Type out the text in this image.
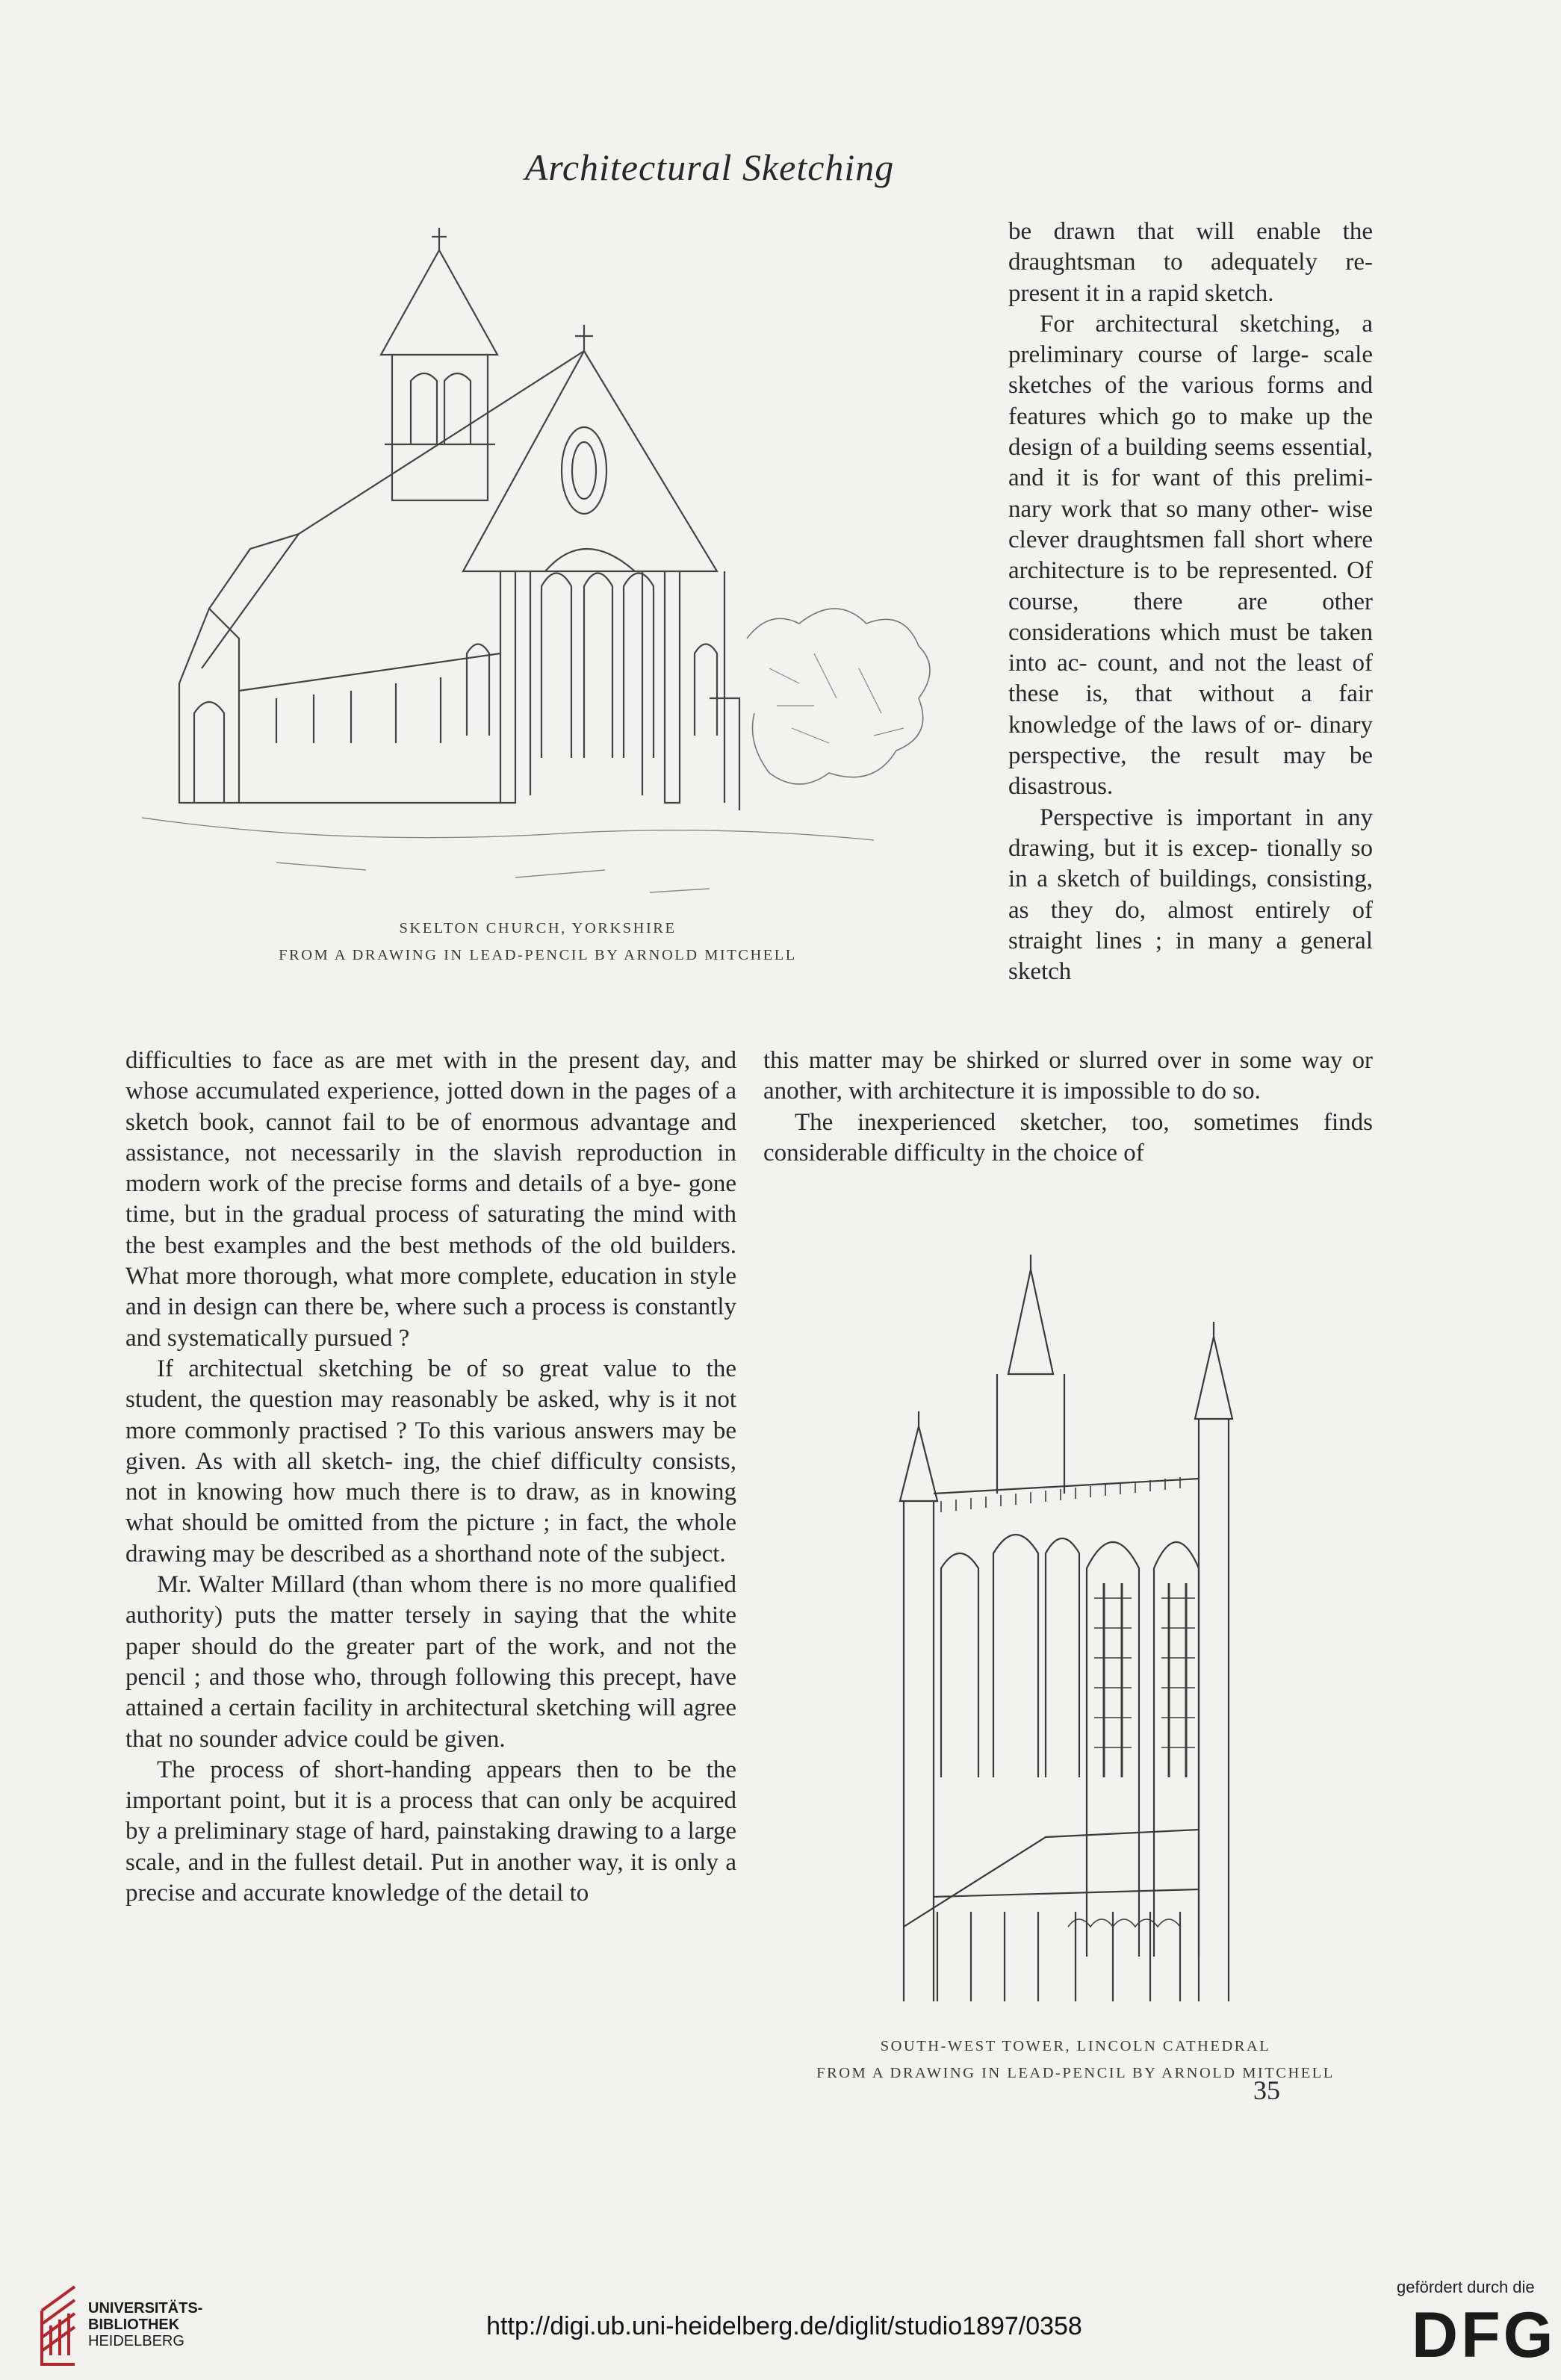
Architectural Sketching
SKELTON CHURCH, YORKSHIRE
FROM A DRAWING IN LEAD-PENCIL BY ARNOLD MITCHELL

be drawn that will enable the draughtsman to adequately re- present it in a rapid sketch.

For architectural sketching, a preliminary course of large- scale sketches of the various forms and features which go to make up the design of a building seems essential, and it is for want of this prelimi- nary work that so many other- wise clever draughtsmen fall short where architecture is to be represented. Of course, there are other considerations which must be taken into ac- count, and not the least of these is, that without a fair knowledge of the laws of or- dinary perspective, the result may be disastrous.

Perspective is important in any drawing, but it is excep- tionally so in a sketch of buildings, consisting, as they do, almost entirely of straight lines ; in many a general sketch

this matter may be shirked or slurred over in some way or another, with architecture it is impossible to do so.

The inexperienced sketcher, too, sometimes finds considerable difficulty in the choice of

difficulties to face as are met with in the present day, and whose accumulated experience, jotted down in the pages of a sketch book, cannot fail to be of enormous advantage and assistance, not necessarily in the slavish reproduction in modern work of the precise forms and details of a bye- gone time, but in the gradual process of saturating the mind with the best examples and the best methods of the old builders. What more thorough, what more complete, education in style and in design can there be, where such a process is constantly and systematically pursued ?

If architectual sketching be of so great value to the student, the question may reasonably be asked, why is it not more commonly practised ? To this various answers may be given. As with all sketch- ing, the chief difficulty consists, not in knowing how much there is to draw, as in knowing what should be omitted from the picture ; in fact, the whole drawing may be described as a shorthand note of the subject.

Mr. Walter Millard (than whom there is no more qualified authority) puts the matter tersely in saying that the white paper should do the greater part of the work, and not the pencil ; and those who, through following this precept, have attained a certain facility in architectural sketching will agree that no sounder advice could be given.

The process of short-handing appears then to be the important point, but it is a process that can only be acquired by a preliminary stage of hard, painstaking drawing to a large scale, and in the fullest detail. Put in another way, it is only a precise and accurate knowledge of the detail to

SOUTH-WEST TOWER, LINCOLN CATHEDRAL
FROM A DRAWING IN LEAD-PENCIL BY ARNOLD MITCHELL
35
UNIVERSITÄTS-
BIBLIOTHEK
HEIDELBERG
http://digi.ub.uni-heidelberg.de/diglit/studio1897/0358
gefördert durch die
DFG
